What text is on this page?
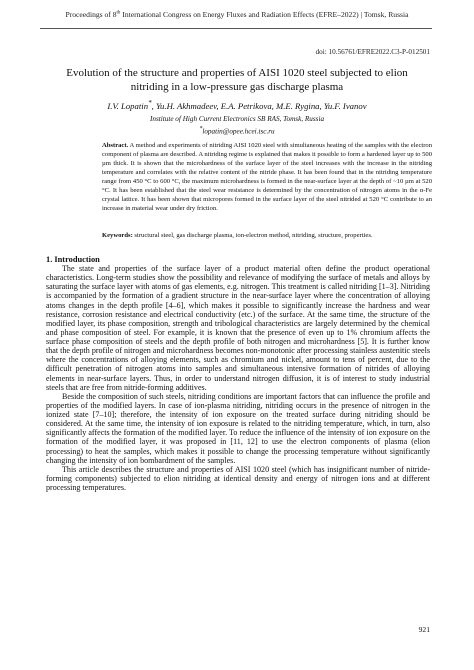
Proceedings of 8th International Congress on Energy Fluxes and Radiation Effects (EFRE–2022) | Tomsk, Russia
doi: 10.56761/EFRE2022.C3-P-012501
Evolution of the structure and properties of AISI 1020 steel subjected to elion nitriding in a low-pressure gas discharge plasma
I.V. Lopatin*, Yu.H. Akhmadeev, E.A. Petrikova, M.E. Rygina, Yu.F. Ivanov
Institute of High Current Electronics SB RAS, Tomsk, Russia
*lopatin@opee.hcei.tsc.ru
Abstract. A method and experiments of nitriding AISI 1020 steel with simultaneous heating of the samples with the electron component of plasma are described. A nitriding regime is explained that makes it possible to form a hardened layer up to 500 µm thick. It is shown that the microhardness of the surface layer of the steel increases with the increase in the nitriding temperature and correlates with the relative content of the nitride phase. It has been found that in the nitriding temperature range from 450 °C to 600 °C, the maximum microhardness is formed in the near-surface layer at the depth of ~10 µm at 520 °C. It has been established that the steel wear resistance is determined by the concentration of nitrogen atoms in the α-Fe crystal lattice. It has been shown that micropores formed in the surface layer of the steel nitrided at 520 °C contribute to an increase in material wear under dry friction.
Keywords: structural steel, gas discharge plasma, ion-electron method, nitriding, structure, properties.
1. Introduction

The state and properties of the surface layer of a product material often define the product operational characteristics. Long-term studies show the possibility and relevance of modifying the surface of metals and alloys by saturating the surface layer with atoms of gas elements, e.g. nitrogen. This treatment is called nitriding [1–3]. Nitriding is accompanied by the formation of a gradient structure in the near-surface layer where the concentration of alloying atoms changes in the depth profile [4–6], which makes it possible to significantly increase the hardness and wear resistance, corrosion resistance and electrical conductivity (etc.) of the surface. At the same time, the structure of the modified layer, its phase composition, strength and tribological characteristics are largely determined by the chemical and phase composition of steel. For example, it is known that the presence of even up to 1% chromium affects the surface phase composition of steels and the depth profile of both nitrogen and microhardness [5]. It is further know that the depth profile of nitrogen and microhardness becomes non-monotonic after processing stainless austenitic steels where the concentrations of alloying elements, such as chromium and nickel, amount to tens of percent, due to the difficult penetration of nitrogen atoms into samples and simultaneous intensive formation of nitrides of alloying elements in near-surface layers. Thus, in order to understand nitrogen diffusion, it is of interest to study industrial steels that are free from nitride-forming additives.

Beside the composition of such steels, nitriding conditions are important factors that can influence the profile and properties of the modified layers. In case of ion-plasma nitriding, nitriding occurs in the presence of nitrogen in the ionized state [7–10]; therefore, the intensity of ion exposure on the treated surface during nitriding should be considered. At the same time, the intensity of ion exposure is related to the nitriding temperature, which, in turn, also significantly affects the formation of the modified layer. To reduce the influence of the intensity of ion exposure on the formation of the modified layer, it was proposed in [11, 12] to use the electron components of plasma (elion processing) to heat the samples, which makes it possible to change the processing temperature without significantly changing the intensity of ion bombardment of the samples.

This article describes the structure and properties of AISI 1020 steel (which has insignificant number of nitride-forming components) subjected to elion nitriding at identical density and energy of nitrogen ions and at different processing temperatures.

921
